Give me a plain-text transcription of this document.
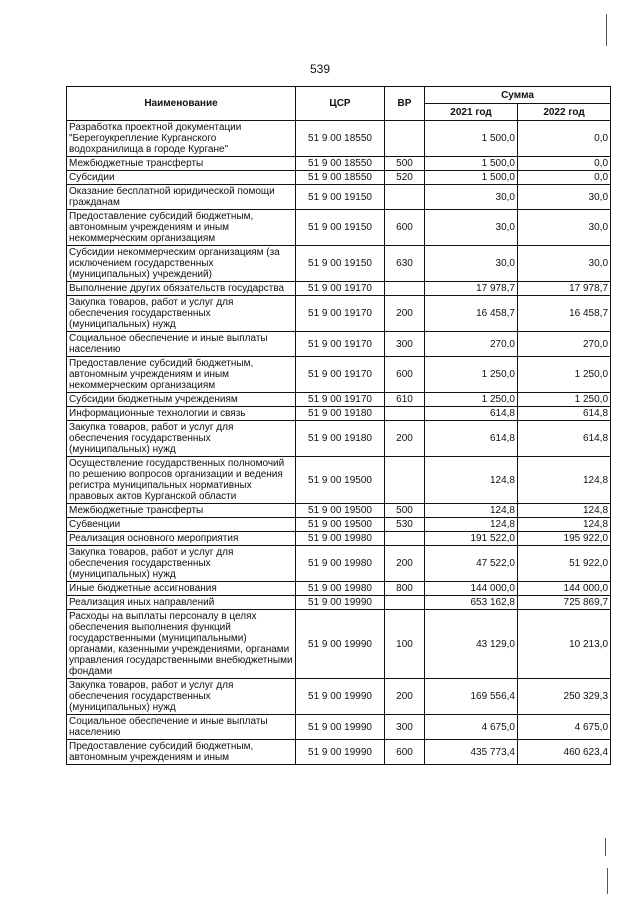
539
Наименование	ЦСР	ВР	Сумма	
			2021 год	2022 год
Разработка проектной документации "Берегоукрепление Курганского водохранилища в городе Кургане"	51 9 00 18550		1 500,0	0,0
Межбюджетные трансферты	51 9 00 18550	500	1 500,0	0,0
Субсидии	51 9 00 18550	520	1 500,0	0,0
Оказание бесплатной юридической помощи гражданам	51 9 00 19150		30,0	30,0
Предоставление субсидий бюджетным, автономным учреждениям и иным некоммерческим организациям	51 9 00 19150	600	30,0	30,0
Субсидии некоммерческим организациям (за исключением государственных (муниципальных) учреждений)	51 9 00 19150	630	30,0	30,0
Выполнение других обязательств государства	51 9 00 19170		17 978,7	17 978,7
Закупка товаров, работ и услуг для обеспечения государственных (муниципальных) нужд	51 9 00 19170	200	16 458,7	16 458,7
Социальное обеспечение и иные выплаты населению	51 9 00 19170	300	270,0	270,0
Предоставление субсидий бюджетным, автономным учреждениям и иным некоммерческим организациям	51 9 00 19170	600	1 250,0	1 250,0
Субсидии бюджетным учреждениям	51 9 00 19170	610	1 250,0	1 250,0
Информационные технологии и связь	51 9 00 19180		614,8	614,8
Закупка товаров, работ и услуг для обеспечения государственных (муниципальных) нужд	51 9 00 19180	200	614,8	614,8
Осуществление государственных полномочий по решению вопросов организации и ведения регистра муниципальных нормативных правовых актов Курганской области	51 9 00 19500		124,8	124,8
Межбюджетные трансферты	51 9 00 19500	500	124,8	124,8
Субвенции	51 9 00 19500	530	124,8	124,8
Реализация основного мероприятия	51 9 00 19980		191 522,0	195 922,0
Закупка товаров, работ и услуг для обеспечения государственных (муниципальных) нужд	51 9 00 19980	200	47 522,0	51 922,0
Иные бюджетные ассигнования	51 9 00 19980	800	144 000,0	144 000,0
Реализация иных направлений	51 9 00 19990		653 162,8	725 869,7
Расходы на выплаты персоналу в целях обеспечения выполнения функций государственными (муниципальными) органами, казенными учреждениями, органами управления государственными внебюджетными фондами	51 9 00 19990	100	43 129,0	10 213,0
Закупка товаров, работ и услуг для обеспечения государственных (муниципальных) нужд	51 9 00 19990	200	169 556,4	250 329,3
Социальное обеспечение и иные выплаты населению	51 9 00 19990	300	4 675,0	4 675,0
Предоставление субсидий бюджетным, автономным учреждениям и иным	51 9 00 19990	600	435 773,4	460 623,4
